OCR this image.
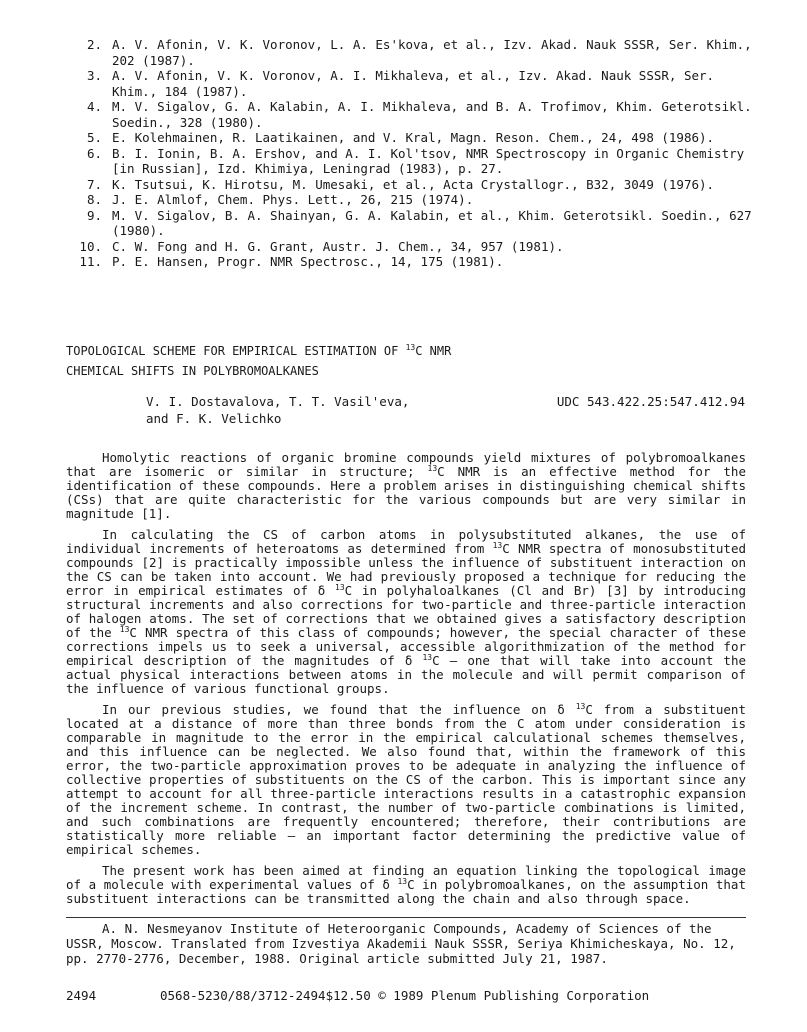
2. A. V. Afonin, V. K. Voronov, L. A. Es'kova, et al., Izv. Akad. Nauk SSSR, Ser. Khim., 202 (1987).
3. A. V. Afonin, V. K. Voronov, A. I. Mikhaleva, et al., Izv. Akad. Nauk SSSR, Ser. Khim., 184 (1987).
4. M. V. Sigalov, G. A. Kalabin, A. I. Mikhaleva, and B. A. Trofimov, Khim. Geterotsikl. Soedin., 328 (1980).
5. E. Kolehmainen, R. Laatikainen, and V. Kral, Magn. Reson. Chem., 24, 498 (1986).
6. B. I. Ionin, B. A. Ershov, and A. I. Kol'tsov, NMR Spectroscopy in Organic Chemistry [in Russian], Izd. Khimiya, Leningrad (1983), p. 27.
7. K. Tsutsui, K. Hirotsu, M. Umesaki, et al., Acta Crystallogr., B32, 3049 (1976).
8. J. E. Almlof, Chem. Phys. Lett., 26, 215 (1974).
9. M. V. Sigalov, B. A. Shainyan, G. A. Kalabin, et al., Khim. Geterotsikl. Soedin., 627 (1980).
10. C. W. Fong and H. G. Grant, Austr. J. Chem., 34, 957 (1981).
11. P. E. Hansen, Progr. NMR Spectrosc., 14, 175 (1981).
TOPOLOGICAL SCHEME FOR EMPIRICAL ESTIMATION OF $^{13}$C NMR
CHEMICAL SHIFTS IN POLYBROMOALKANES
V. I. Dostavalova, T. T. Vasil'eva,
and F. K. Velichko
UDC 543.422.25:547.412.94

Homolytic reactions of organic bromine compounds yield mixtures of polybromoalkanes that are isomeric or similar in structure; $^{13}$C NMR is an effective method for the identification of these compounds. Here a problem arises in distinguishing chemical shifts (CSs) that are quite characteristic for the various compounds but are very similar in magnitude [1].

In calculating the CS of carbon atoms in polysubstituted alkanes, the use of individual increments of heteroatoms as determined from $^{13}$C NMR spectra of monosubstituted compounds [2] is practically impossible unless the influence of substituent interaction on the CS can be taken into account. We had previously proposed a technique for reducing the error in empirical estimates of δ $^{13}$C in polyhaloalkanes (Cl and Br) [3] by introducing structural increments and also corrections for two-particle and three-particle interaction of halogen atoms. The set of corrections that we obtained gives a satisfactory description of the $^{13}$C NMR spectra of this class of compounds; however, the special character of these corrections impels us to seek a universal, accessible algorithmization of the method for empirical description of the magnitudes of δ $^{13}$C — one that will take into account the actual physical interactions between atoms in the molecule and will permit comparison of the influence of various functional groups.

In our previous studies, we found that the influence on δ $^{13}$C from a substituent located at a distance of more than three bonds from the C atom under consideration is comparable in magnitude to the error in the empirical calculational schemes themselves, and this influence can be neglected. We also found that, within the framework of this error, the two-particle approximation proves to be adequate in analyzing the influence of collective properties of substituents on the CS of the carbon. This is important since any attempt to account for all three-particle interactions results in a catastrophic expansion of the increment scheme. In contrast, the number of two-particle combinations is limited, and such combinations are frequently encountered; therefore, their contributions are statistically more reliable — an important factor determining the predictive value of empirical schemes.

The present work has been aimed at finding an equation linking the topological image of a molecule with experimental values of δ $^{13}$C in polybromoalkanes, on the assumption that substituent interactions can be transmitted along the chain and also through space.

A. N. Nesmeyanov Institute of Heteroorganic Compounds, Academy of Sciences of the USSR, Moscow. Translated from Izvestiya Akademii Nauk SSSR, Seriya Khimicheskaya, No. 12, pp. 2770-2776, December, 1988. Original article submitted July 21, 1987.

2494	0568-5230/88/3712-2494$12.50 © 1989 Plenum Publishing Corporation
